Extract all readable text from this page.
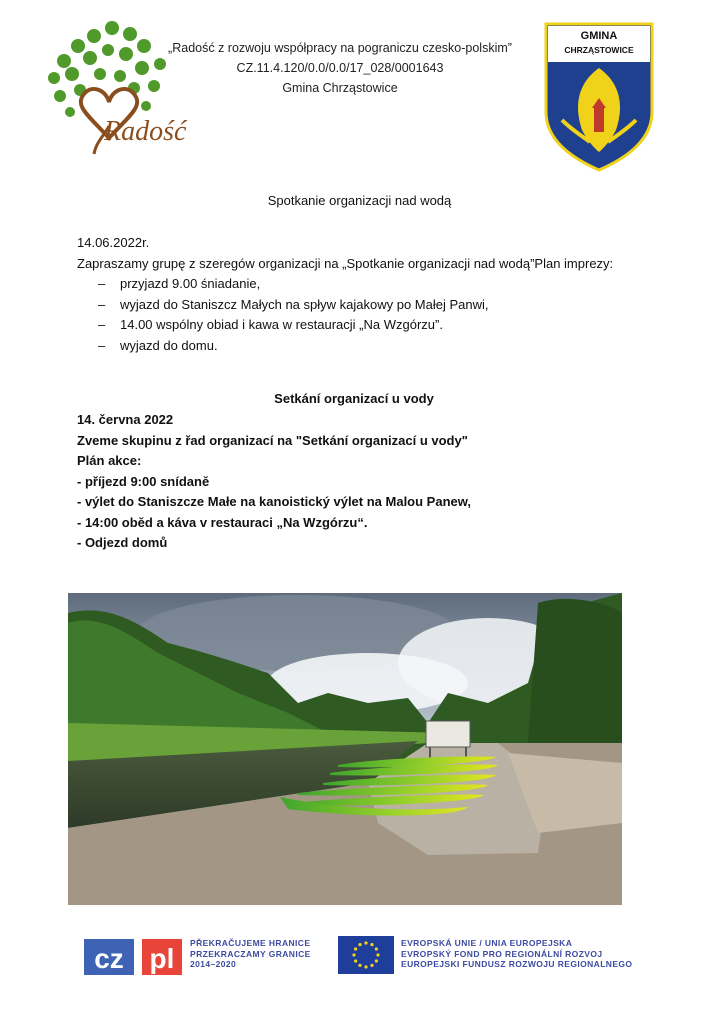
Radość
„Radość z rozwoju współpracy na pograniczu czesko-polskim”
CZ.11.4.120/0.0/0.0/17_028/0001643
Gmina Chrząstowice
GMINA
CHRZĄSTOWICE
Spotkanie organizacji nad wodą
14.06.2022r.
Zapraszamy grupę z szeregów organizacji na „Spotkanie organizacji nad wodą”Plan imprezy:
– przyjazd 9.00 śniadanie,
– wyjazd do Staniszcz Małych na spływ kajakowy po Małej Panwi,
– 14.00 wspólny obiad i kawa w restauracji „Na Wzgórzu”.
– wyjazd do domu.
Setkání organizací u vody
14. června 2022
Zveme skupinu z řad organizací na "Setkání organizací u vody"
Plán akce:
- příjezd 9:00 snídaně
- výlet do Staniszcze Małe na kanoistický výlet na Malou Panew,
- 14:00 oběd a káva v restauraci „Na Wzgórzu“.
- Odjezd domů
cz pl PŘEKRAČUJEME HRANICE
PRZEKRACZAMY GRANICE
2014–2020
EVROPSKÁ UNIE / UNIA EUROPEJSKA
EVROPSKÝ FOND PRO REGIONÁLNÍ ROZVOJ
EUROPEJSKI FUNDUSZ ROZWOJU REGIONALNEGO
